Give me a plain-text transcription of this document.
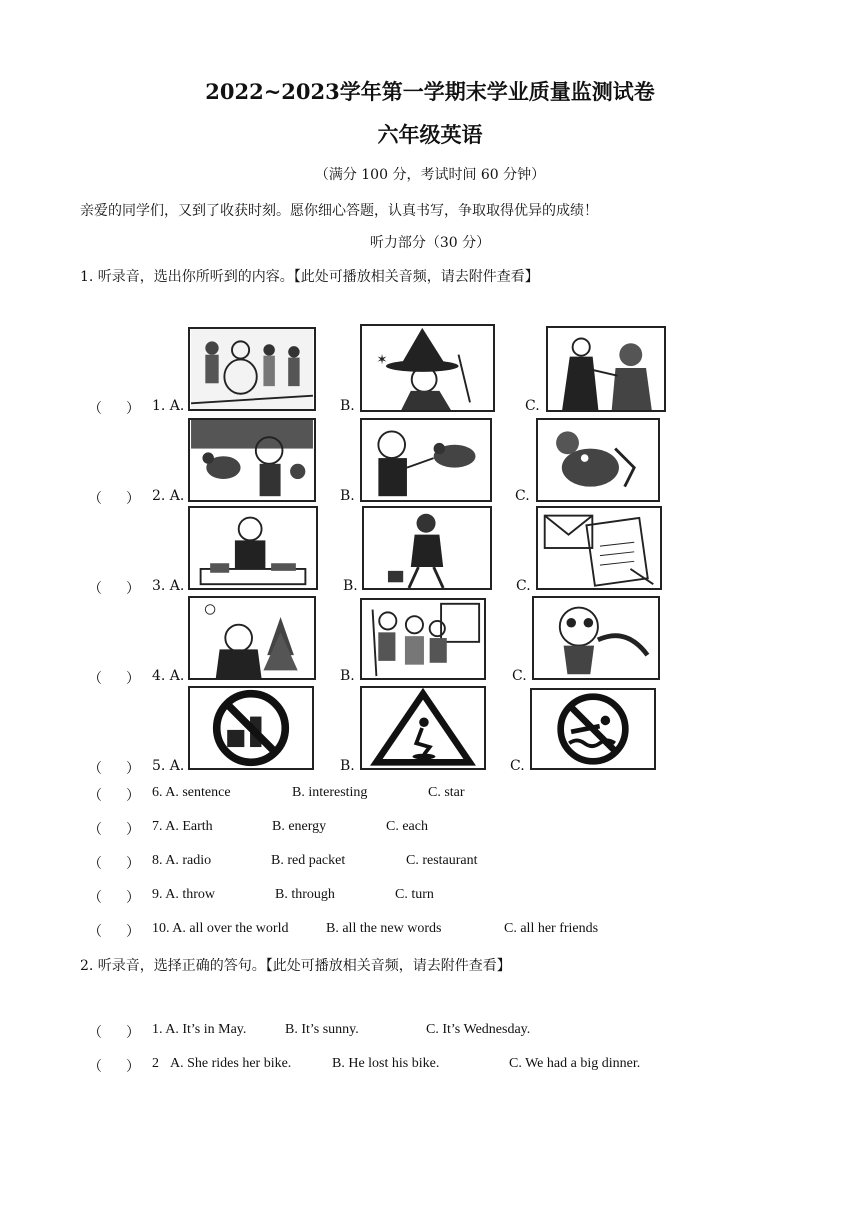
2022~2023学年第一学期末学业质量监测试卷
六年级英语
（满分 100 分，考试时间 60 分钟）
亲爱的同学们，又到了收获时刻。愿你细心答题，认真书写，争取取得优异的成绩！
听力部分（30 分）
1. 听录音，选出你所听到的内容。【此处可播放相关音频，请去附件查看】
✶
（ ） 1. A.	B.	C.
（ ） 2. A.	B.	C.
（ ） 3. A.	B.	C.
（ ） 4. A.	B.	C.
（ ） 5. A.	B.	C.
（ ） 6. A. sentence	B. interesting	C. star
（ ） 7. A. Earth	B. energy	C. each
（ ） 8. A. radio	B. red packet	C. restaurant
（ ） 9. A. throw	B. through	C. turn
（ ） 10. A. all over the world	B. all the new words	C. all her friends
2. 听录音，选择正确的答句。【此处可播放相关音频，请去附件查看】
（ ） 1. A. It’s in May.	B. It’s sunny.	C. It’s Wednesday.
（ ） 2 A. She rides her bike.	B. He lost his bike.	C. We had a big dinner.
